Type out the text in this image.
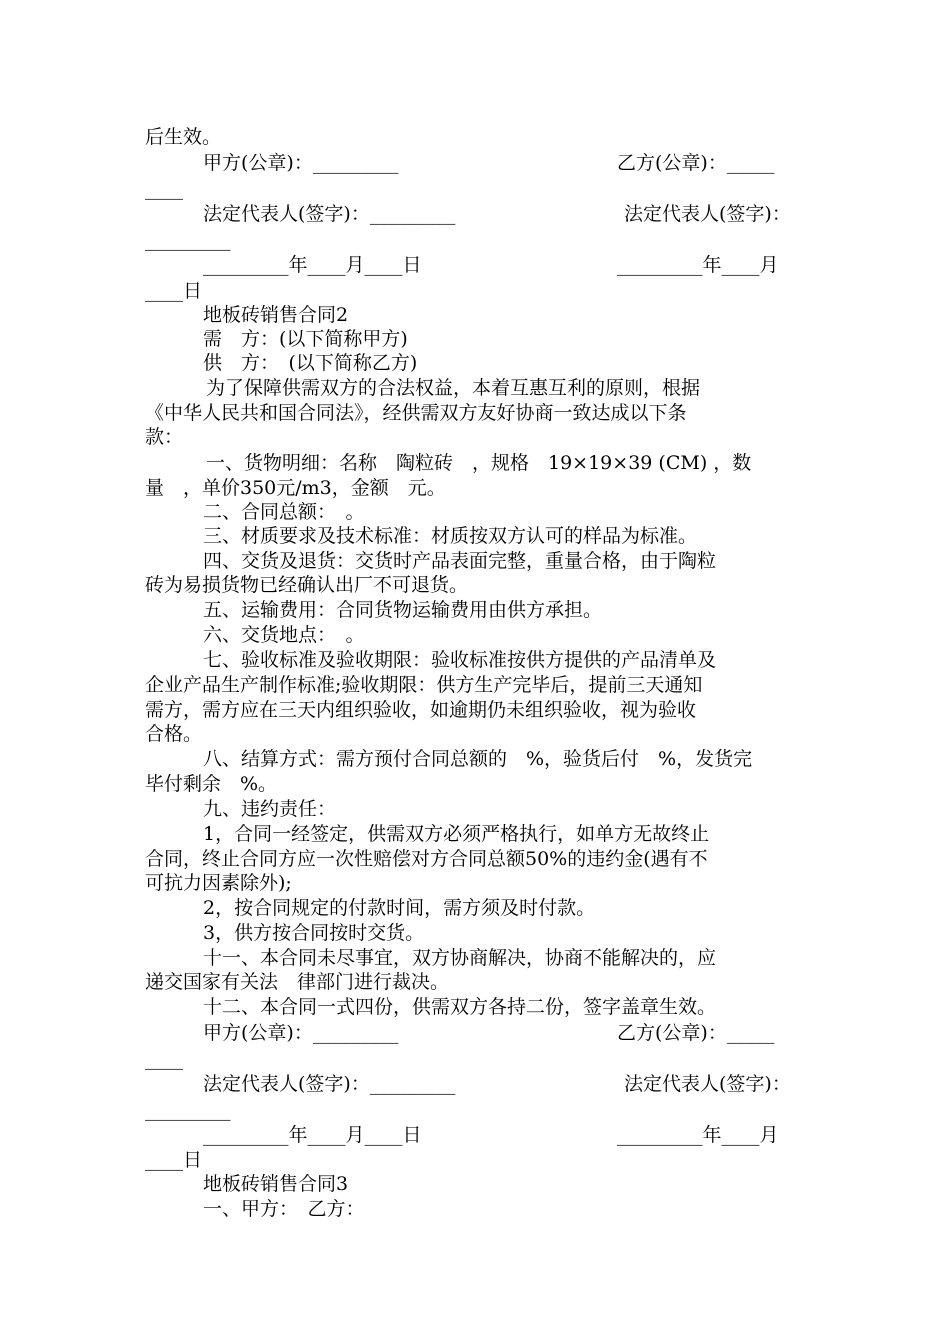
后生效。
甲方(公章)：_________	乙方(公章)：_____
____
法定代表人(签字)：_________	法定代表人(签字)：
_________
_________年____月____日	_________年____月
____日
地板砖销售合同2
需　方：(以下简称甲方)
供　方：　(以下简称乙方)
为了保障供需双方的合法权益，本着互惠互利的原则，根据
《中华人民共和国合同法》，经供需双方友好协商一致达成以下条
款：
一、货物明细：名称　陶粒砖　，规格　19×19×39 (CM) ，数
量　，单价350元/m3，金额　元。
二、合同总额：　。
三、材质要求及技术标准：材质按双方认可的样品为标准。
四、交货及退货：交货时产品表面完整，重量合格，由于陶粒
砖为易损货物已经确认出厂不可退货。
五、运输费用：合同货物运输费用由供方承担。
六、交货地点：　。
七、验收标准及验收期限：验收标准按供方提供的产品清单及
企业产品生产制作标准;验收期限：供方生产完毕后，提前三天通知
需方，需方应在三天内组织验收，如逾期仍未组织验收，视为验收
合格。
八、结算方式：需方预付合同总额的　%，验货后付　%，发货完
毕付剩余　%。
九、违约责任：
1，合同一经签定，供需双方必须严格执行，如单方无故终止
合同，终止合同方应一次性赔偿对方合同总额50%的违约金(遇有不
可抗力因素除外);
2，按合同规定的付款时间，需方须及时付款。
3，供方按合同按时交货。
十一、本合同未尽事宜，双方协商解决，协商不能解决的，应
递交国家有关法　律部门进行裁决。
十二、本合同一式四份，供需双方各持二份，签字盖章生效。
甲方(公章)：_________	乙方(公章)：_____
____
法定代表人(签字)：_________	法定代表人(签字)：
_________
_________年____月____日	_________年____月
____日
地板砖销售合同3
一、甲方：　乙方：
